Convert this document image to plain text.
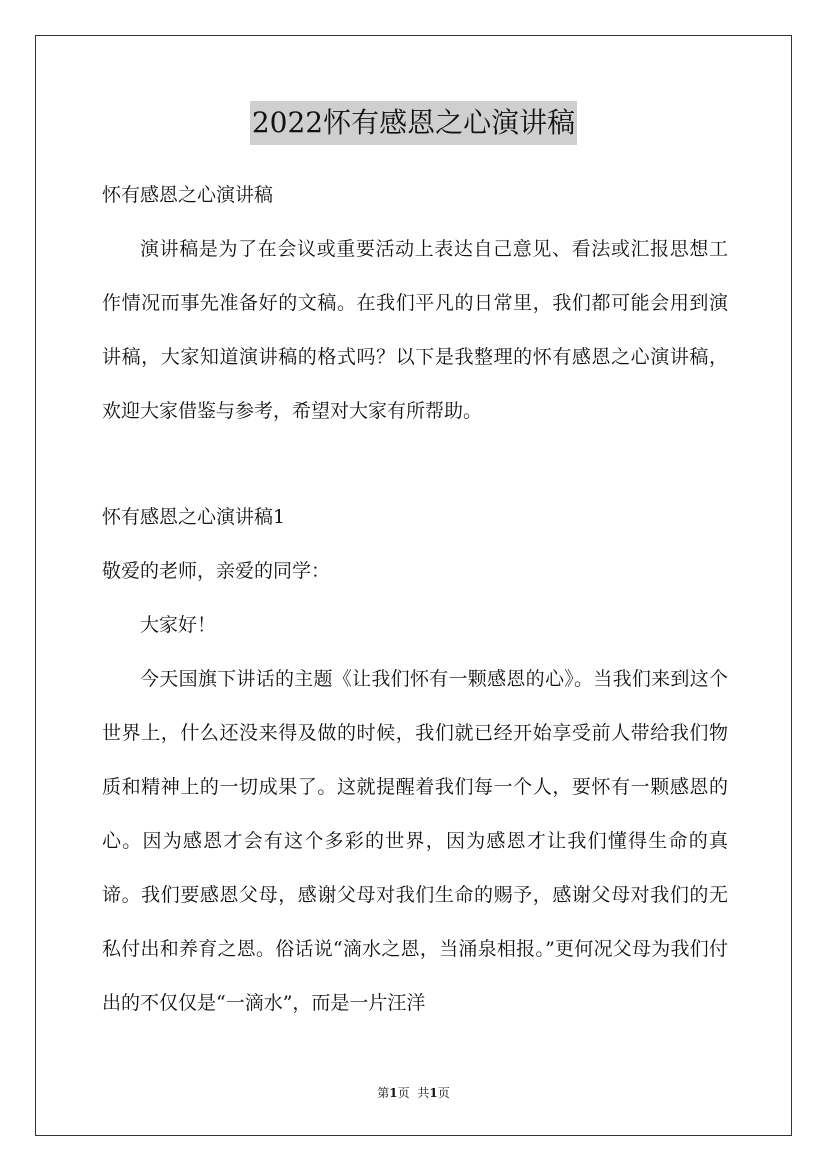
2022怀有感恩之心演讲稿
怀有感恩之心演讲稿

演讲稿是为了在会议或重要活动上表达自己意见、看法或汇报思想工作情况而事先准备好的文稿。在我们平凡的日常里，我们都可能会用到演讲稿，大家知道演讲稿的格式吗？以下是我整理的怀有感恩之心演讲稿，欢迎大家借鉴与参考，希望对大家有所帮助。

怀有感恩之心演讲稿1
敬爱的老师，亲爱的同学：
大家好！

今天国旗下讲话的主题《让我们怀有一颗感恩的心》。当我们来到这个世界上，什么还没来得及做的时候，我们就已经开始享受前人带给我们物质和精神上的一切成果了。这就提醒着我们每一个人，要怀有一颗感恩的心。因为感恩才会有这个多彩的世界，因为感恩才让我们懂得生命的真谛。我们要感恩父母，感谢父母对我们生命的赐予，感谢父母对我们的无私付出和养育之恩。俗话说“滴水之恩，当涌泉相报。”更何况父母为我们付出的不仅仅是“一滴水”，而是一片汪洋

第1页 共1页
